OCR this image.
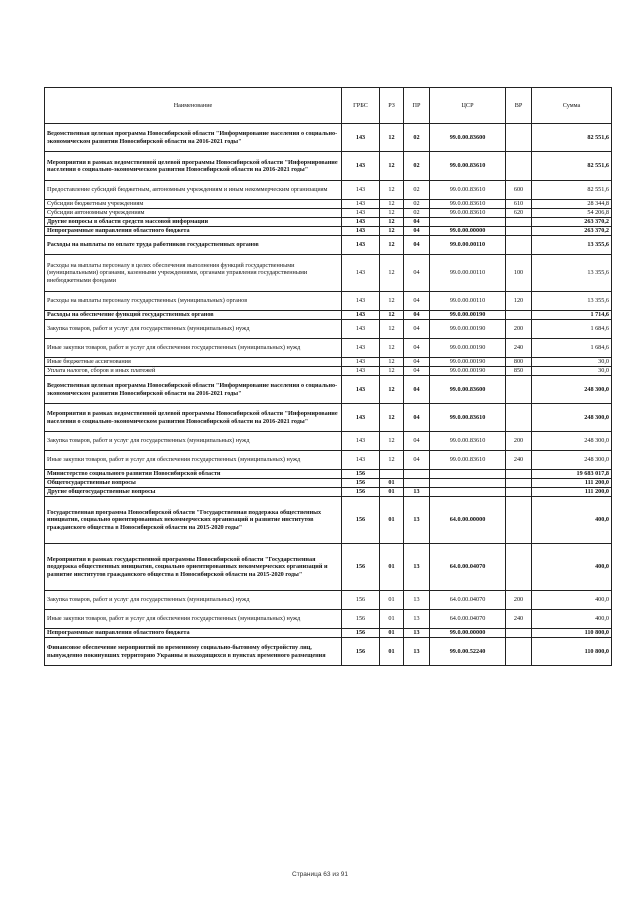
Наименование	ГРБС	РЗ	ПР	ЦСР	ВР	Сумма
Ведомственная целевая программа Новосибирской области "Информирование населения о социально-экономическом развитии Новосибирской области на 2016-2021 годы"	143	12	02	99.0.00.83600		82 551,6
Мероприятия в рамках ведомственной целевой программы Новосибирской области "Информирование населения о социально-экономическом развитии Новосибирской области на 2016-2021 годы"	143	12	02	99.0.00.83610		82 551,6
Предоставление субсидий бюджетным, автономным учреждениям и иным некоммерческим организациям	143	12	02	99.0.00.83610	600	82 551,6
Субсидии бюджетным учреждениям	143	12	02	99.0.00.83610	610	28 344,8
Субсидии автономным учреждениям	143	12	02	99.0.00.83610	620	54 206,8
Другие вопросы в области средств массовой информации	143	12	04			263 370,2
Непрограммные направления областного бюджета	143	12	04	99.0.00.00000		263 370,2
Расходы на выплаты по оплате труда работников государственных органов	143	12	04	99.0.00.00110		13 355,6
Расходы на выплаты персоналу в целях обеспечения выполнения функций государственными (муниципальными) органами, казенными учреждениями, органами управления государственными внебюджетными фондами	143	12	04	99.0.00.00110	100	13 355,6
Расходы на выплаты персоналу государственных (муниципальных) органов	143	12	04	99.0.00.00110	120	13 355,6
Расходы на обеспечение функций государственных органов	143	12	04	99.0.00.00190		1 714,6
Закупка товаров, работ и услуг для государственных (муниципальных) нужд	143	12	04	99.0.00.00190	200	1 684,6
Иные закупки товаров, работ и услуг для обеспечения государственных (муниципальных) нужд	143	12	04	99.0.00.00190	240	1 684,6
Иные бюджетные ассигнования	143	12	04	99.0.00.00190	800	30,0
Уплата налогов, сборов и иных платежей	143	12	04	99.0.00.00190	850	30,0
Ведомственная целевая программа Новосибирской области "Информирование населения о социально-экономическом развитии Новосибирской области на 2016-2021 годы"	143	12	04	99.0.00.83600		248 300,0
Мероприятия в рамках ведомственной целевой программы Новосибирской области "Информирование населения о социально-экономическом развитии Новосибирской области на 2016-2021 годы"	143	12	04	99.0.00.83610		248 300,0
Закупка товаров, работ и услуг для государственных (муниципальных) нужд	143	12	04	99.0.00.83610	200	248 300,0
Иные закупки товаров, работ и услуг для обеспечения государственных (муниципальных) нужд	143	12	04	99.0.00.83610	240	248 300,0
Министерство социального развития Новосибирской области	156					19 683 017,8
Общегосударственные вопросы	156	01				111 200,0
Другие общегосударственные вопросы	156	01	13			111 200,0
Государственная программа Новосибирской области "Государственная поддержка общественных инициатив, социально ориентированных некоммерческих организаций и развитие институтов гражданского общества в Новосибирской области на 2015-2020 годы"	156	01	13	64.0.00.00000		400,0
Мероприятия в рамках государственной программы Новосибирской области "Государственная поддержка общественных инициатив, социально ориентированных некоммерческих организаций и развитие институтов гражданского общества в Новосибирской области на 2015-2020 годы"	156	01	13	64.0.00.04070		400,0
Закупка товаров, работ и услуг для государственных (муниципальных) нужд	156	01	13	64.0.00.04070	200	400,0
Иные закупки товаров, работ и услуг для обеспечения государственных (муниципальных) нужд	156	01	13	64.0.00.04070	240	400,0
Непрограммные направления областного бюджета	156	01	13	99.0.00.00000		110 800,0
Финансовое обеспечение мероприятий по временному социально-бытовому обустройству лиц, вынужденно покинувших территорию Украины и находящихся в пунктах временного размещения	156	01	13	99.0.00.52240		110 800,0
Страница 63 из 91
